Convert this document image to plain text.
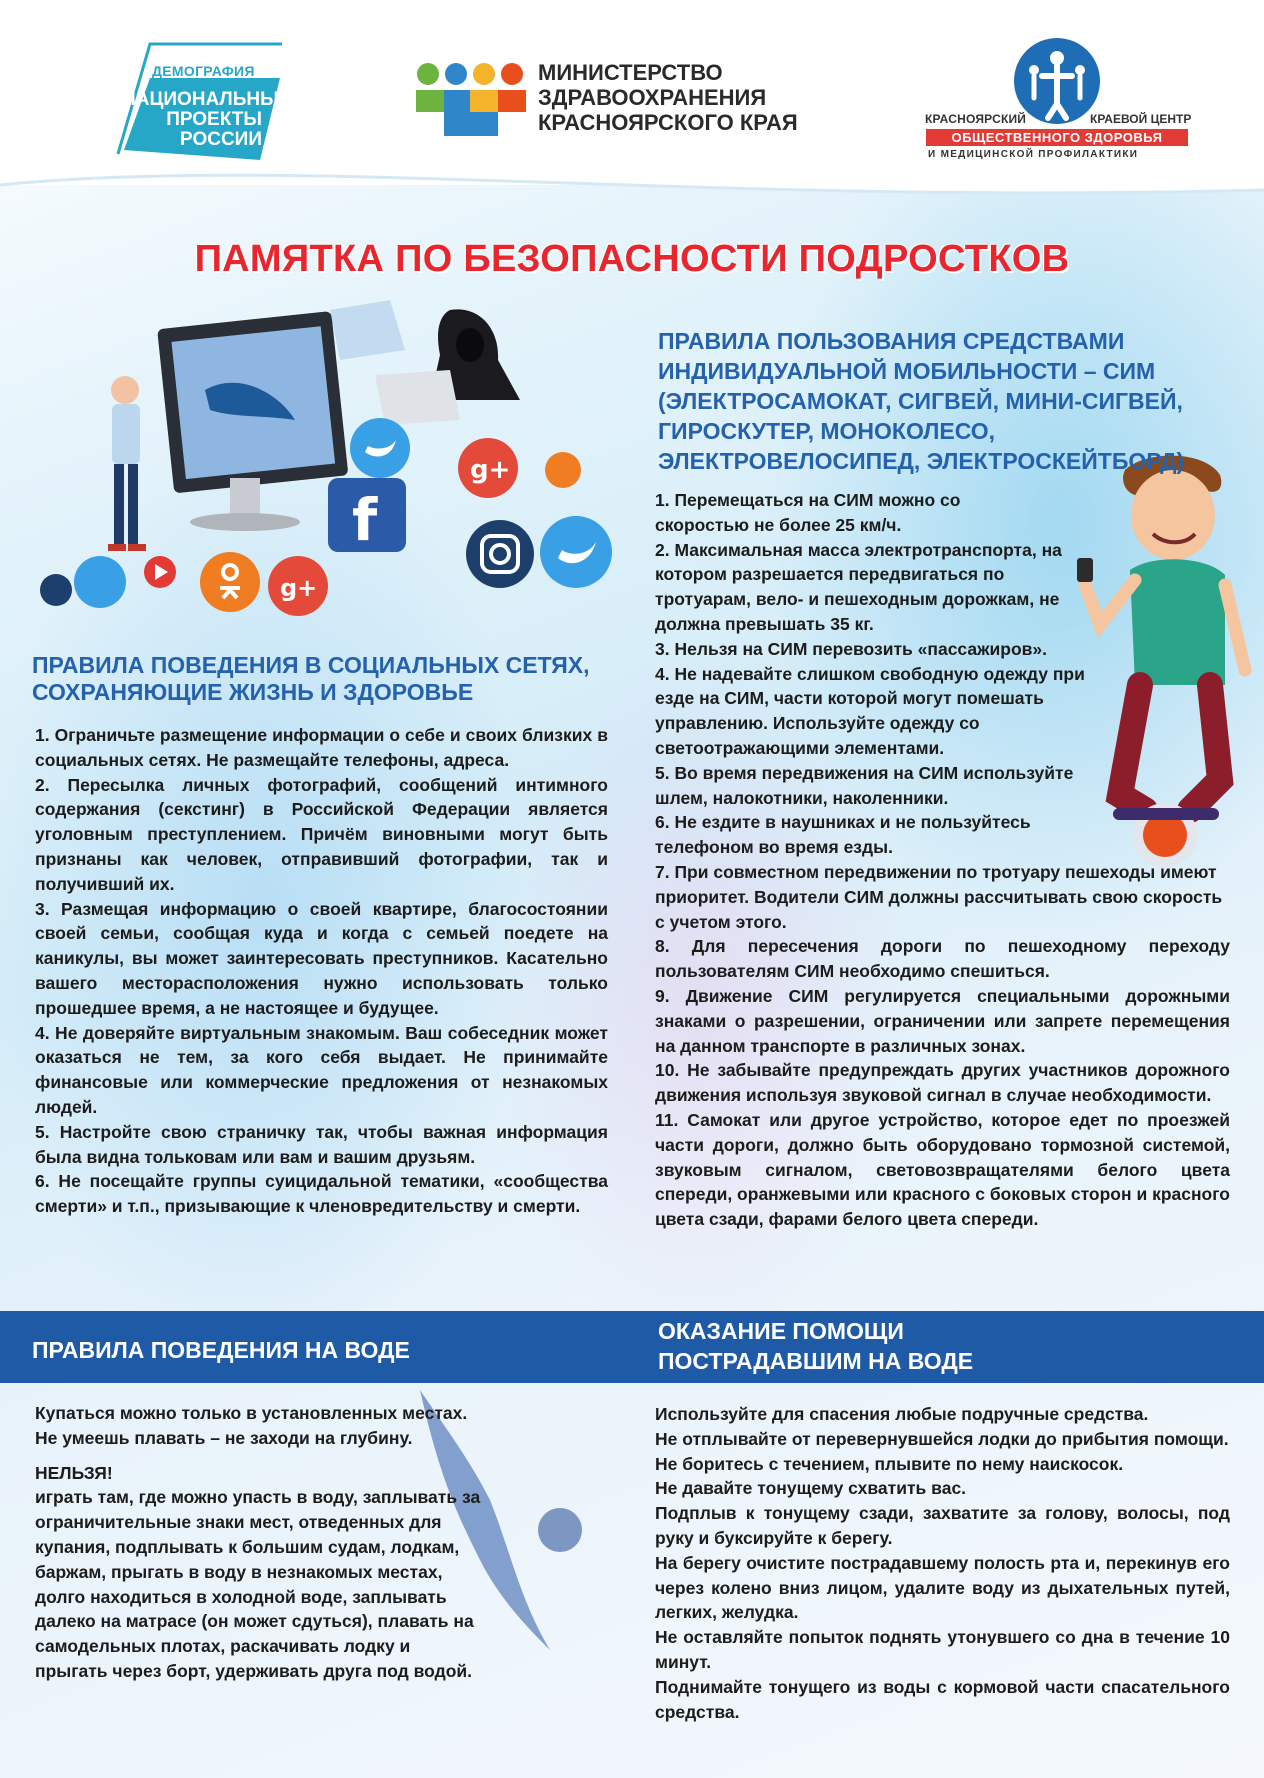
ДЕМОГРАФИЯ
НАЦИОНАЛЬНЫЕ ПРОЕКТЫ РОССИИ
МИНИСТЕРСТВО
ЗДРАВООХРАНЕНИЯ
КРАСНОЯРСКОГО КРАЯ	КРАСНОЯРСКИЙ	КРАЕВОЙ ЦЕНТР
ОБЩЕСТВЕННОГО ЗДОРОВЬЯ
И МЕДИЦИНСКОЙ ПРОФИЛАКТИКИ
ПАМЯТКА ПО БЕЗОПАСНОСТИ ПОДРОСТКОВ
g+
f
g+
ПРАВИЛА ПОВЕДЕНИЯ В СОЦИАЛЬНЫХ СЕТЯХ, СОХРАНЯЮЩИЕ ЖИЗНЬ И ЗДОРОВЬЕ

1. Ограничьте размещение информации о себе и своих близких в социальных сетях. Не размещайте телефоны, адреса.

2. Пересылка личных фотографий, сообщений интимного содержания (секстинг) в Российской Федерации является уголовным преступлением. Причём виновными могут быть признаны как человек, отправивший фотографии, так и получивший их.

3. Размещая информацию о своей квартире, благосостоянии своей семьи, сообщая куда и когда с семьей поедете на каникулы, вы может заинтересовать преступников. Касательно вашего месторасположения нужно использовать только прошедшее время, а не настоящее и будущее.

4. Не доверяйте виртуальным знакомым. Ваш собеседник может оказаться не тем, за кого себя выдает. Не принимайте финансовые или коммерческие предложения от незнакомых людей.

5. Настройте свою страничку так, чтобы важная информация была видна тольковам или вам и вашим друзьям.

6. Не посещайте группы суицидальной тематики, «сообщества смерти» и т.п., призывающие к членовредительству и смерти.

ПРАВИЛА ПОЛЬЗОВАНИЯ СРЕДСТВАМИ ИНДИВИДУАЛЬНОЙ МОБИЛЬНОСТИ – СИМ (ЭЛЕКТРОСАМОКАТ, СИГВЕЙ, МИНИ-СИГВЕЙ, ГИРОСКУТЕР, МОНОКОЛЕСО, ЭЛЕКТРОВЕЛОСИПЕД, ЭЛЕКТРОСКЕЙТБОРД)

1. Перемещаться на СИМ можно со скоростью не более 25 км/ч.

2. Максимальная масса электротранспорта, на котором разрешается передвигаться по тротуарам, вело- и пешеходным дорожкам, не должна превышать 35 кг.

3. Нельзя на СИМ перевозить «пассажиров».

4. Не надевайте слишком свободную одежду при езде на СИМ, части которой могут помешать управлению. Используйте одежду со светоотражающими элементами.

5. Во время передвижения на СИМ используйте шлем, налокотники, наколенники.

6. Не ездите в наушниках и не пользуйтесь телефоном во время езды.

7. При совместном передвижении по тротуару пешеходы имеют приоритет. Водители СИМ должны рассчитывать свою скорость с учетом этого.

8. Для пересечения дороги по пешеходному переходу пользователям СИМ необходимо спешиться.

9. Движение СИМ регулируется специальными дорожными знаками о разрешении, ограничении или запрете перемещения на данном транспорте в различных зонах.

10. Не забывайте предупреждать других участников дорожного движения используя звуковой сигнал в случае необходимости.

11. Самокат или другое устройство, которое едет по проезжей части дороги, должно быть оборудовано тормозной системой, звуковым сигналом, световозвращателями белого цвета спереди, оранжевыми или красного с боковых сторон и красного цвета сзади, фарами белого цвета спереди.

ПРАВИЛА ПОВЕДЕНИЯ НА ВОДЕ
ОКАЗАНИЕ ПОМОЩИ
ПОСТРАДАВШИМ НА ВОДЕ

Купаться можно только в установленных местах.

Не умеешь плавать – не заходи на глубину.

НЕЛЬЗЯ!

играть там, где можно упасть в воду, заплывать за ограничительные знаки мест, отведенных для купания, подплывать к большим судам, лодкам, баржам, прыгать в воду в незнакомых местах, долго находиться в холодной воде, заплывать далеко на матрасе (он может сдуться), плавать на самодельных плотах, раскачивать лодку и прыгать через борт, удерживать друга под водой.

Используйте для спасения любые подручные средства.

Не отплывайте от перевернувшейся лодки до прибытия помощи.

Не боритесь с течением, плывите по нему наискосок.

Не давайте тонущему схватить вас.

Подплыв к тонущему сзади, захватите за голову, волосы, под руку и буксируйте к берегу.

На берегу очистите пострадавшему полость рта и, перекинув его через колено вниз лицом, удалите воду из дыхательных путей, легких, желудка.

Не оставляйте попыток поднять утонувшего со дна в течение 10 минут.

Поднимайте тонущего из воды с кормовой части спасательного средства.
